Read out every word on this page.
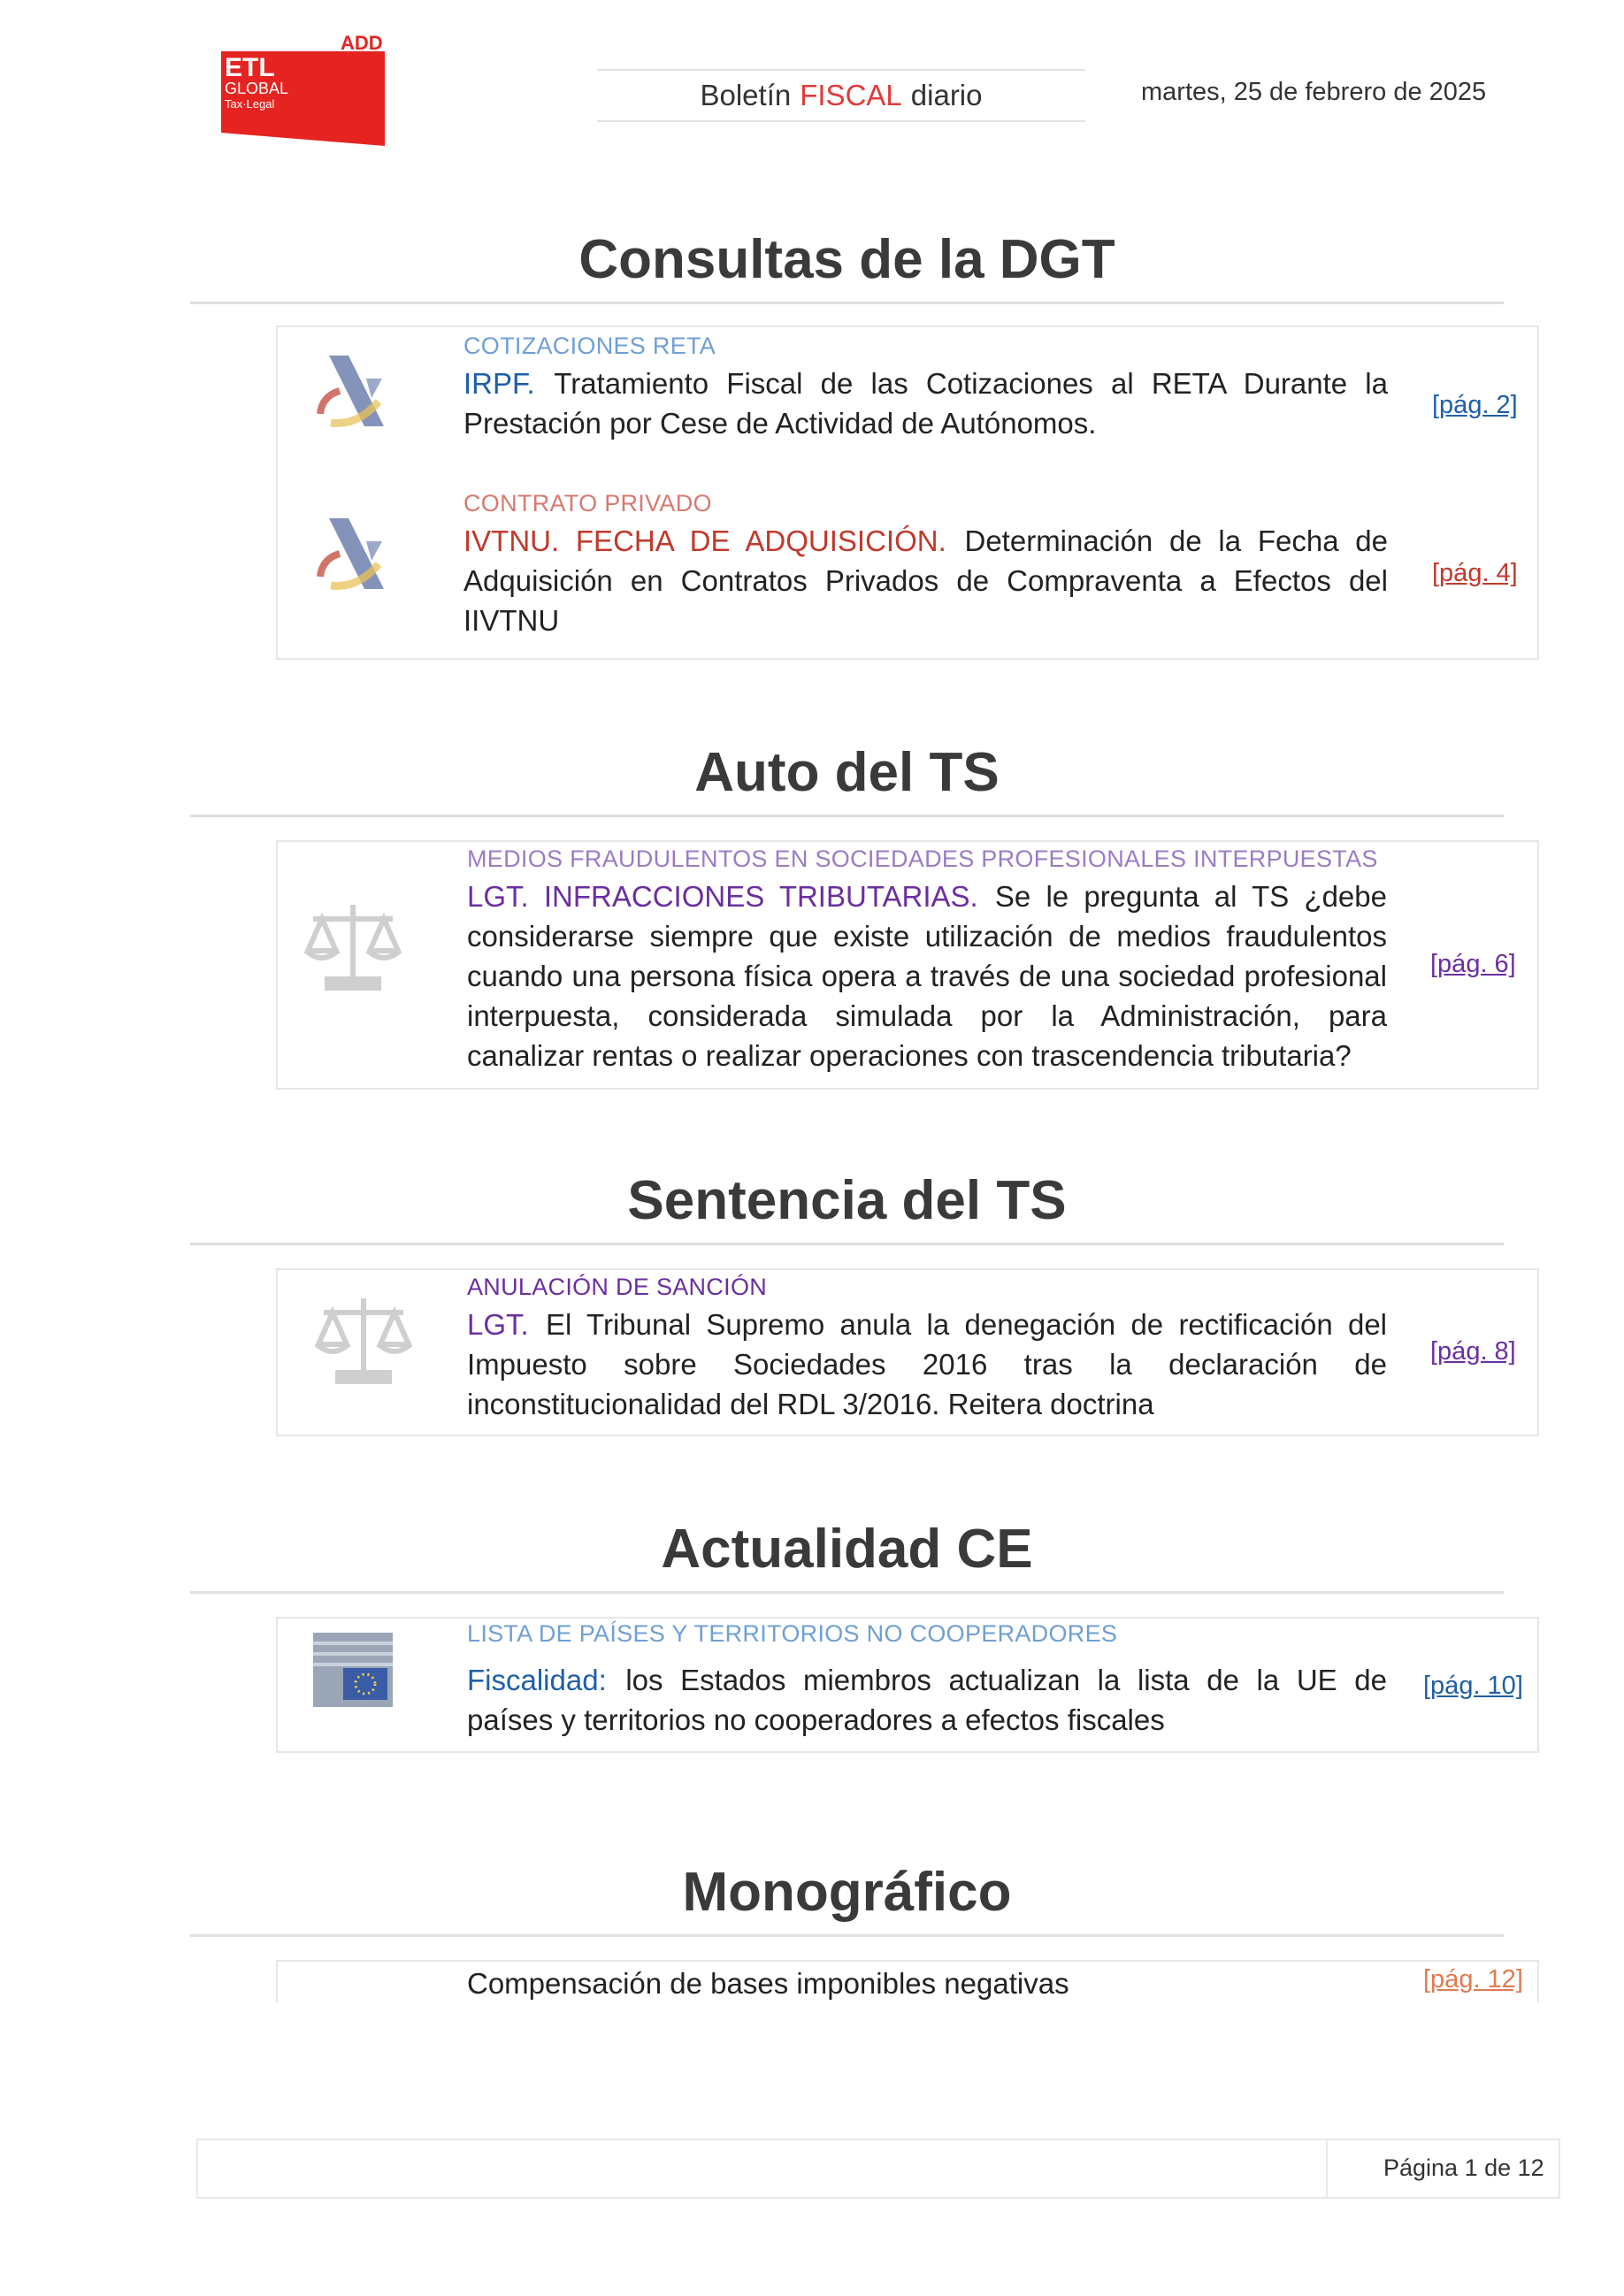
ADD
ETL
GLOBAL
Tax·Legal	Boletín FISCAL diario	martes, 25 de febrero de 2025
Consultas de la DGT
COTIZACIONES RETA
IRPF. Tratamiento Fiscal de las Cotizaciones al RETA Durante la Prestación por Cese de Actividad de Autónomos.
[pág. 2]
CONTRATO PRIVADO
IVTNU. FECHA DE ADQUISICIÓN. Determinación de la Fecha de Adquisición en Contratos Privados de Compraventa a Efectos del IIVTNU
[pág. 4]
Auto del TS
MEDIOS FRAUDULENTOS EN SOCIEDADES PROFESIONALES INTERPUESTAS
LGT. INFRACCIONES TRIBUTARIAS. Se le pregunta al TS ¿debe considerarse siempre que existe utilización de medios fraudulentos cuando una persona física opera a través de una sociedad profesional interpuesta, considerada simulada por la Administración, para canalizar rentas o realizar operaciones con trascendencia tributaria?
[pág. 6]
Sentencia del TS
ANULACIÓN DE SANCIÓN
LGT. El Tribunal Supremo anula la denegación de rectificación del Impuesto sobre Sociedades 2016 tras la declaración de inconstitucionalidad del RDL 3/2016. Reitera doctrina
[pág. 8]
Actualidad CE
LISTA DE PAÍSES Y TERRITORIOS NO COOPERADORES
Fiscalidad: los Estados miembros actualizan la lista de la UE de países y territorios no cooperadores a efectos fiscales
[pág. 10]
Monográfico
Compensación de bases imponibles negativas	[pág. 12]
Página 1 de 12
